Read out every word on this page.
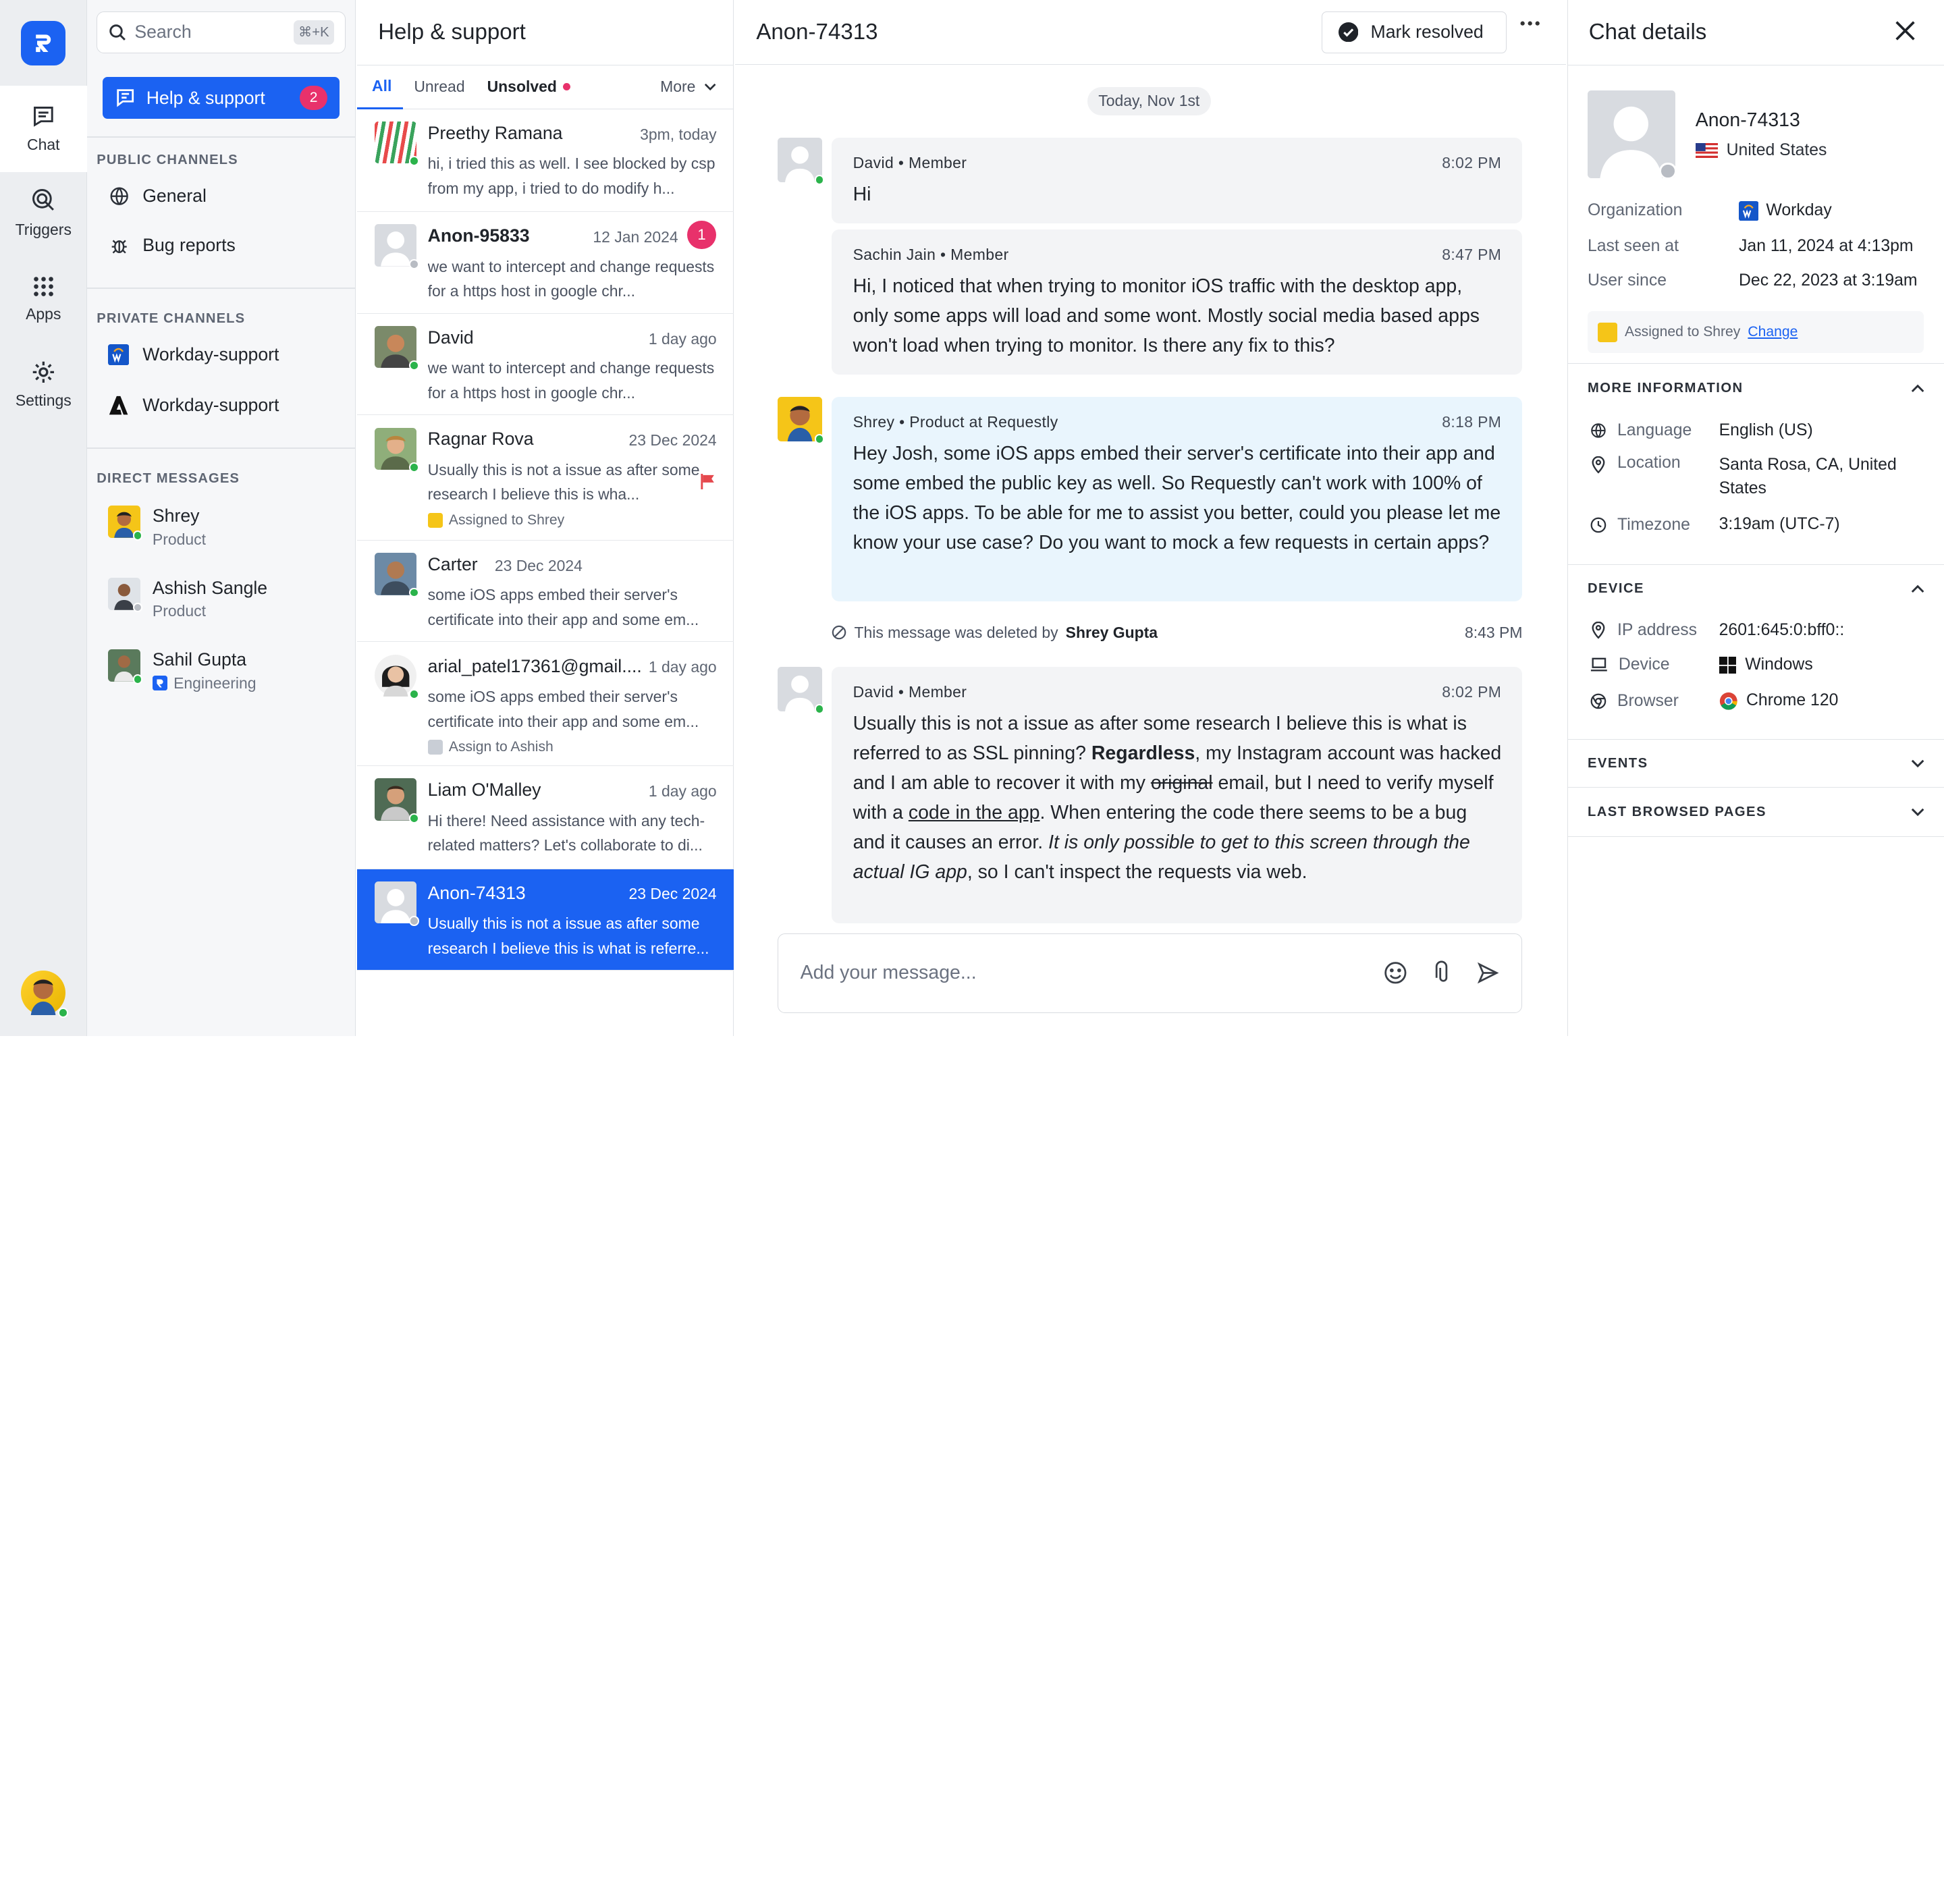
Chat
Triggers
Apps
Settings
Search	⌘+K
Help & support	2
PUBLIC CHANNELS
General
Bug reports
PRIVATE CHANNELS
Workday-support
Workday-support
DIRECT MESSAGES
Shrey
Product
Ashish Sangle
Product
Sahil Gupta
Engineering
Help & support
All	Unread	Unsolved	More
Preethy Ramana	3pm, today
hi, i tried this as well. I see blocked by csp from my app, i tried to do modify h...
Anon-95833	12 Jan 2024
we want to intercept and change requests for a https host in google chr...
1
David	1 day ago
we want to intercept and change requests for a https host in google chr...
Ragnar Rova	23 Dec 2024
Usually this is not a issue as after some research I believe this is wha...
Assigned to Shrey
Carter 23 Dec 2024
some iOS apps embed their server's certificate into their app and some em...
arial_patel17361@gmail.... 1 day ago
some iOS apps embed their server's certificate into their app and some em...
Assign to Ashish
Liam O'Malley	1 day ago
Hi there! Need assistance with any tech-related matters? Let's collaborate to di...
Anon-74313	23 Dec 2024
Usually this is not a issue as after some research I believe this is what is referre...
Anon-74313	Mark resolved
Today, Nov 1st
David • Member	8:02 PM
Hi
Sachin Jain • Member	8:47 PM
Hi, I noticed that when trying to monitor iOS traffic with the desktop app, only some apps will load and some wont. Mostly social media based apps won't load when trying to monitor. Is there any fix to this?
Shrey • Product at Requestly	8:18 PM
Hey Josh, some iOS apps embed their server's certificate into their app and some embed the public key as well. So Requestly can't work with 100% of the iOS apps. To be able for me to assist you better, could you please let me know your use case? Do you want to mock a few requests in certain apps?
This message was deleted by Shrey Gupta	8:43 PM
David • Member	8:02 PM
Usually this is not a issue as after some research I believe this is what is referred to as SSL pinning? Regardless, my Instagram account was hacked and I am able to recover it with my original email, but I need to verify myself with a code in the app. When entering the code there seems to be a bug and it causes an error. It is only possible to get to this screen through the actual IG app, so I can't inspect the requests via web.
Add your message...
Chat details
Anon-74313
United States
Organization	Workday
Last seen at	Jan 11, 2024 at 4:13pm
User since	Dec 22, 2023 at 3:19am
Assigned to Shrey Change
MORE INFORMATION
Language	English (US)
Location	Santa Rosa, CA, United States
Timezone	3:19am (UTC-7)
DEVICE
IP address 2601:645:0:bff0::
Device	Windows
Browser	Chrome 120
EVENTS
LAST BROWSED PAGES
